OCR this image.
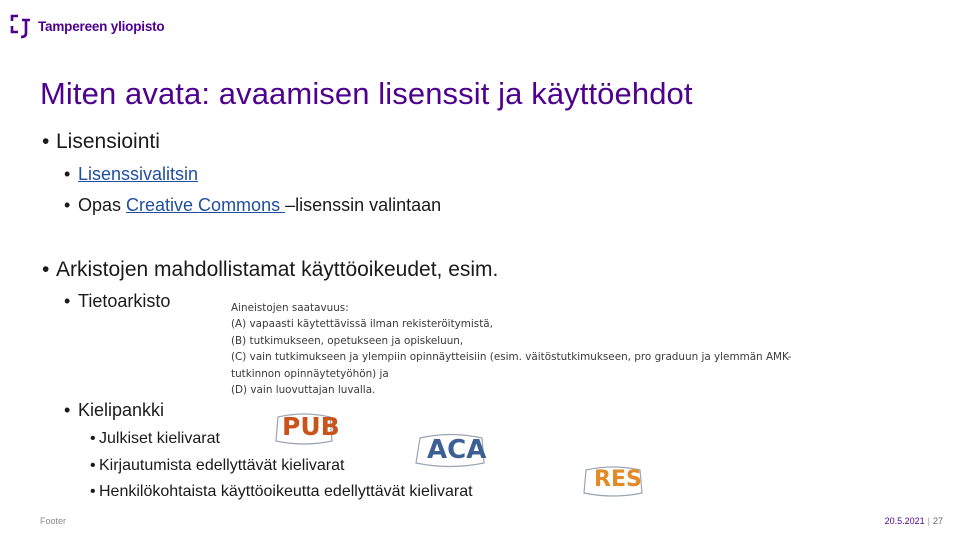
Tampereen yliopisto
Miten avata: avaamisen lisenssit ja käyttöehdot
• Lisensiointi
• Lisenssivalitsin
• Opas Creative Commons –lisenssin valintaan
• Arkistojen mahdollistamat käyttöoikeudet, esim.
• Tietoarkisto	Aineistojen saatavuus:
(A) vapaasti käytettävissä ilman rekisteröitymistä,
(B) tutkimukseen, opetukseen ja opiskeluun,
(C) vain tutkimukseen ja ylempiin opinnäytteisiin (esim. väitöstutkimukseen, pro graduun ja ylemmän AMK-
tutkinnon opinnäytetyöhön) ja
(D) vain luovuttajan luvalla.
• Kielipankki
• Julkiset kielivarat
• Kirjautumista edellyttävät kielivarat
• Henkilökohtaista käyttöoikeutta edellyttävät kielivarat
PUB
ACA
RES
Footer	20.5.2021 | 27
